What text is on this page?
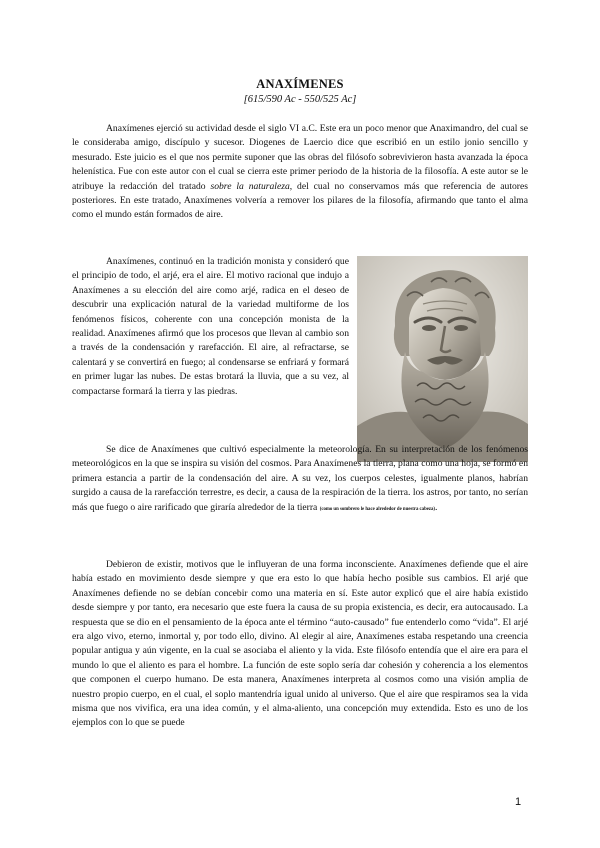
ANAXÍMENES
[615/590 Ac - 550/525 Ac]

Anaxímenes ejerció su actividad desde el siglo VI a.C. Este era un poco menor que Anaximandro, del cual se le consideraba amigo, discípulo y sucesor. Diogenes de Laercio dice que escribió en un estilo jonio sencillo y mesurado. Este juicio es el que nos permite suponer que las obras del filósofo sobrevivieron hasta avanzada la época helenística. Fue con este autor con el cual se cierra este primer periodo de la historia de la filosofía. A este autor se le atribuye la redacción del tratado sobre la naturaleza, del cual no conservamos más que referencia de autores posteriores. En este tratado, Anaxímenes volvería a remover los pilares de la filosofía, afirmando que tanto el alma como el mundo están formados de aire.

Anaxímenes, continuó en la tradición monista y consideró que el principio de todo, el arjé, era el aire. El motivo racional que indujo a Anaxímenes a su elección del aire como arjé, radica en el deseo de descubrir una explicación natural de la variedad multiforme de los fenómenos físicos, coherente con una concepción monista de la realidad. Anaxímenes afirmó que los procesos que llevan al cambio son a través de la condensación y rarefacción. El aire, al refractarse, se calentará y se convertirá en fuego; al condensarse se enfriará y formará en primer lugar las nubes. De estas brotará la lluvia, que a su vez, al compactarse formará la tierra y las piedras.

Se dice de Anaxímenes que cultivó especialmente la meteorología. En su interpretación de los fenómenos meteorológicos en la que se inspira su visión del cosmos. Para Anaxímenes la tierra, plana como una hoja, se formó en primera estancia a partir de la condensación del aire. A su vez, los cuerpos celestes, igualmente planos, habrían surgido a causa de la rarefacción terrestre, es decir, a causa de la respiración de la tierra. los astros, por tanto, no serían más que fuego o aire rarificado que giraría alrededor de la tierra (como un sombrero le hace alrededor de nuestra cabeza).

Debieron de existir, motivos que le influyeran de una forma inconsciente. Anaxímenes defiende que el aire había estado en movimiento desde siempre y que era esto lo que había hecho posible sus cambios. El arjé que Anaxímenes defiende no se debían concebir como una materia en sí. Este autor explicó que el aire había existido desde siempre y por tanto, era necesario que este fuera la causa de su propia existencia, es decir, era autocausado. La respuesta que se dio en el pensamiento de la época ante el término “auto-causado” fue entenderlo como “vida”. El arjé era algo vivo, eterno, inmortal y, por todo ello, divino. Al elegir al aire, Anaxímenes estaba respetando una creencia popular antigua y aún vigente, en la cual se asociaba el aliento y la vida. Este filósofo entendía que el aire era para el mundo lo que el aliento es para el hombre. La función de este soplo sería dar cohesión y coherencia a los elementos que componen el cuerpo humano. De esta manera, Anaxímenes interpreta al cosmos como una visión amplia de nuestro propio cuerpo, en el cual, el soplo mantendría igual unido al universo. Que el aire que respiramos sea la vida misma que nos vivifica, era una idea común, y el alma-aliento, una concepción muy extendida. Esto es uno de los ejemplos con lo que se puede

1
